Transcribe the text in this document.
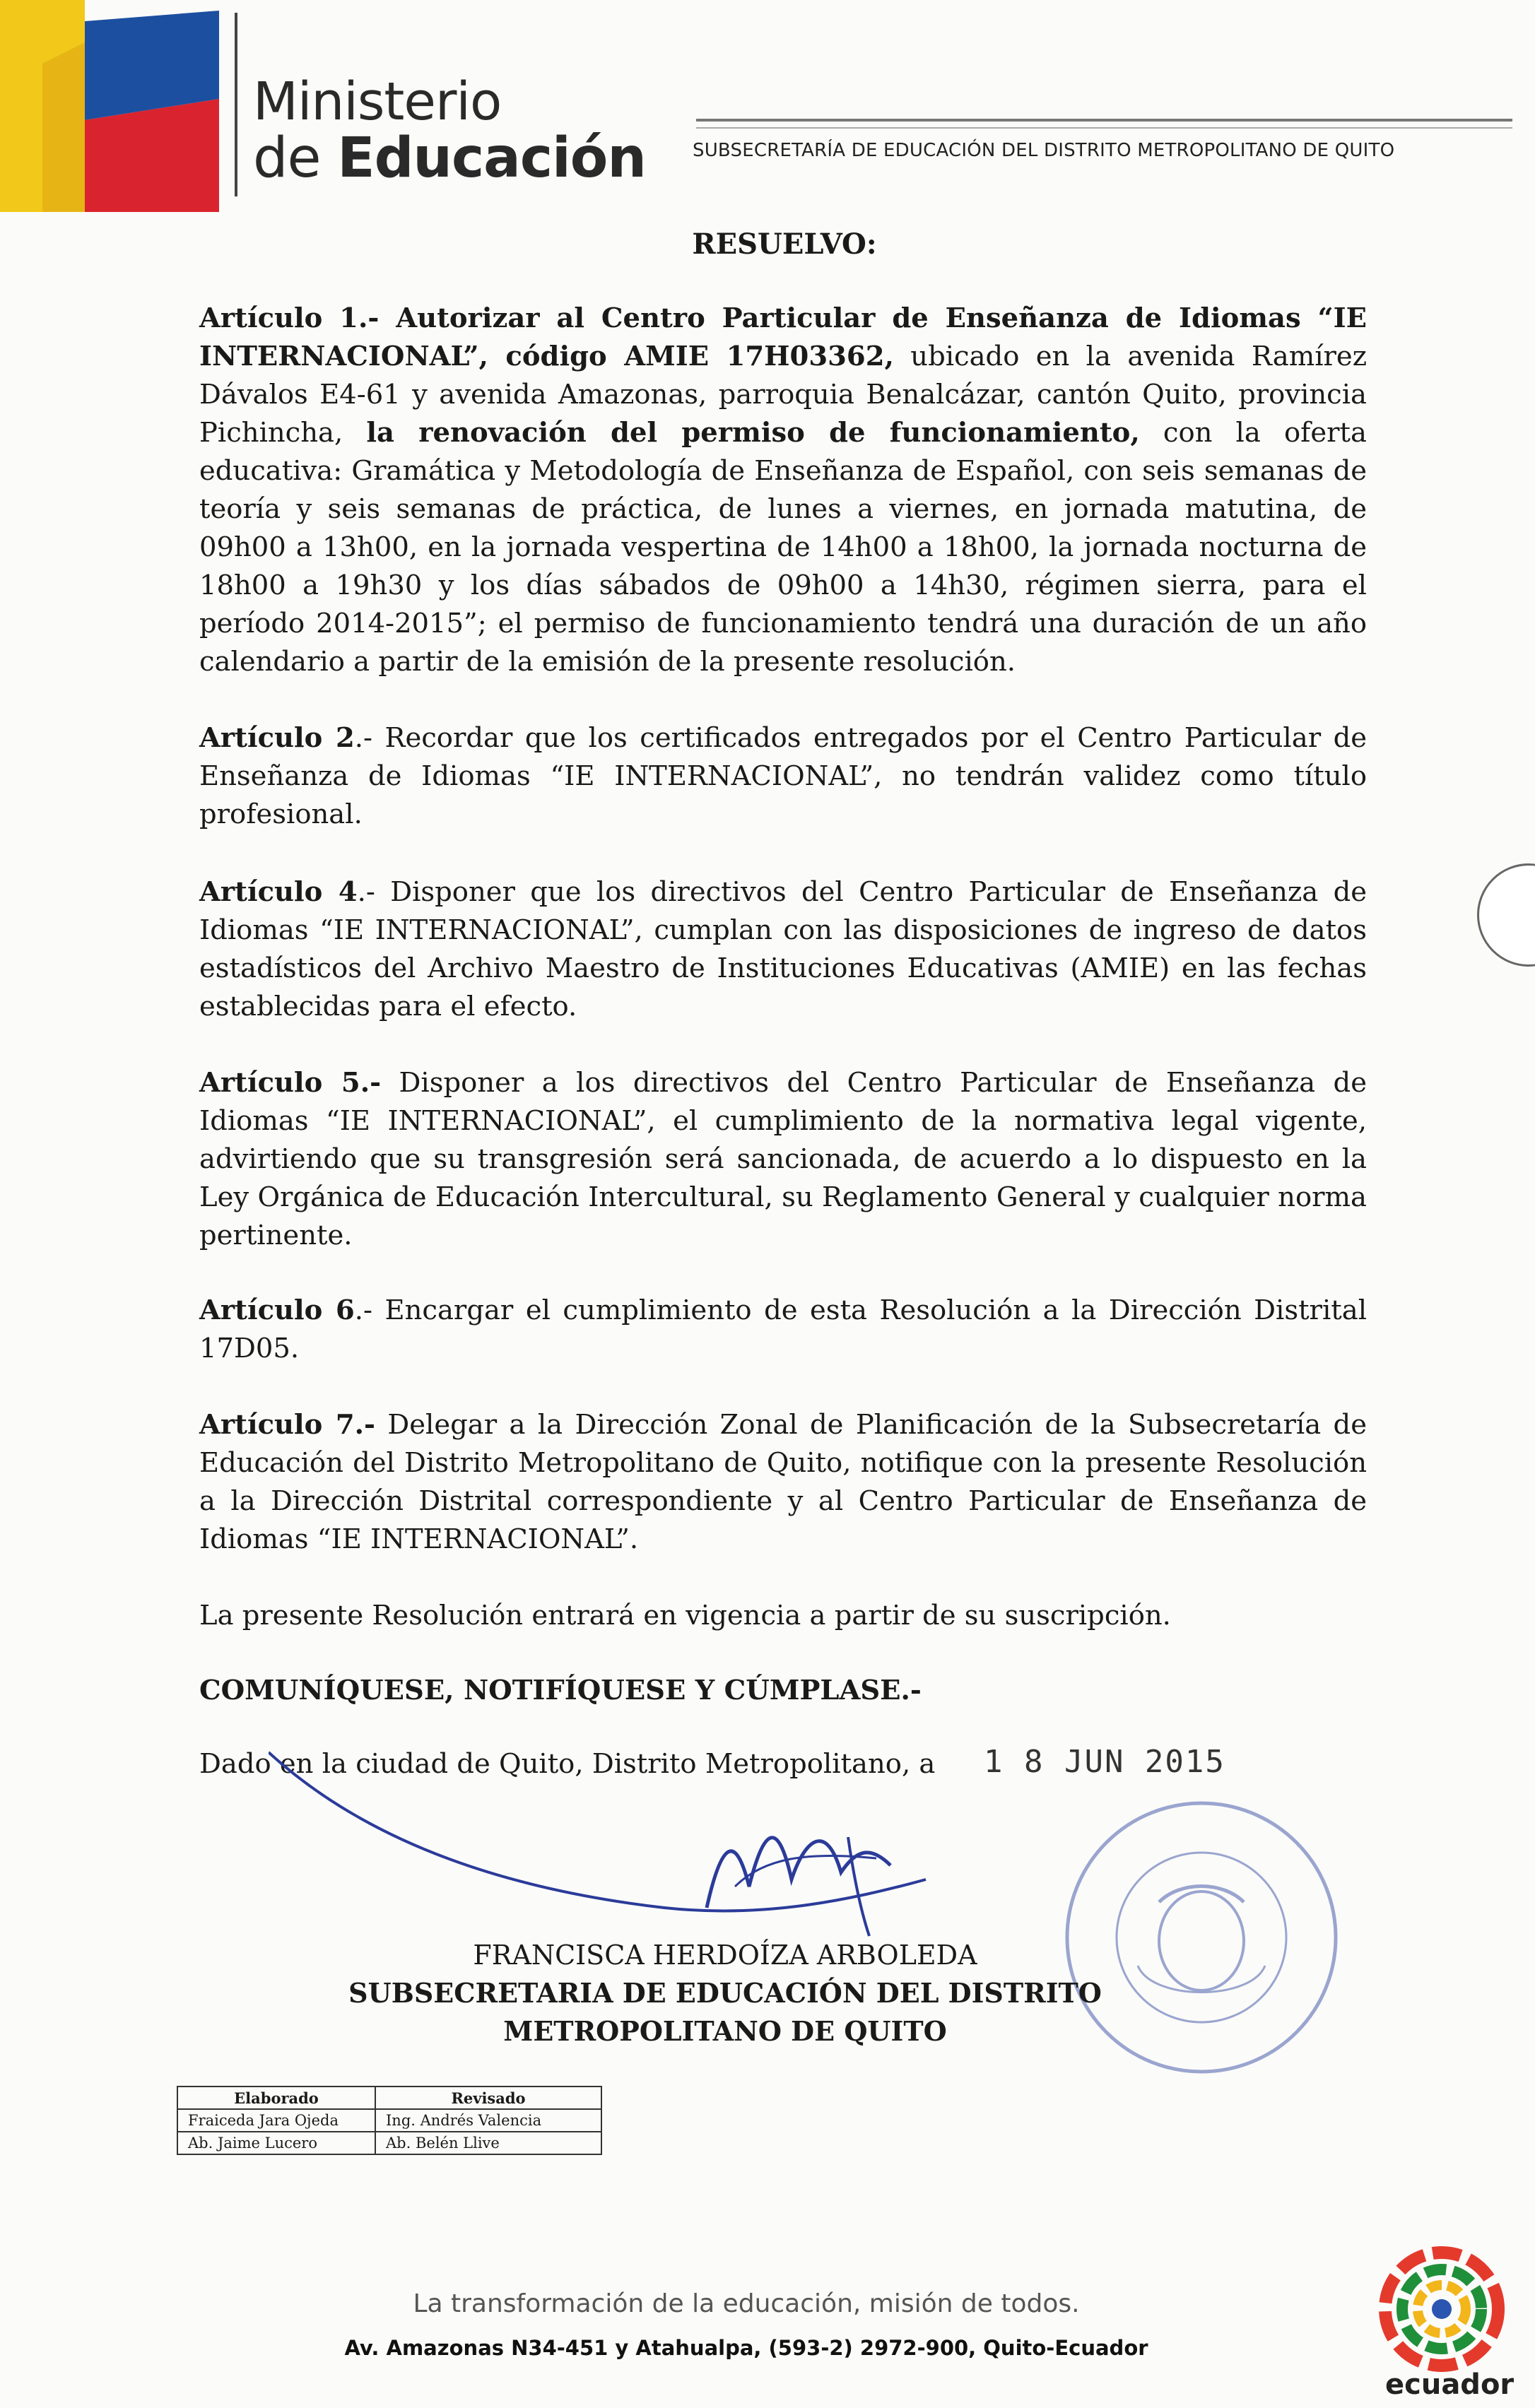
Ministerio
de Educación	SUBSECRETARÍA DE EDUCACIÓN DEL DISTRITO METROPOLITANO DE QUITO
RESUELVO:
Artículo 1.- Autorizar al Centro Particular de Enseñanza de Idiomas “IE INTERNACIONAL”, código AMIE 17H03362, ubicado en la avenida Ramírez Dávalos E4-61 y avenida Amazonas, parroquia Benalcázar, cantón Quito, provincia Pichincha, la renovación del permiso de funcionamiento, con la oferta educativa: Gramática y Metodología de Enseñanza de Español, con seis semanas de teoría y seis semanas de práctica, de lunes a viernes, en jornada matutina, de 09h00 a 13h00, en la jornada vespertina de 14h00 a 18h00, la jornada nocturna de 18h00 a 19h30 y los días sábados de 09h00 a 14h30, régimen sierra, para el período 2014-2015”; el permiso de funcionamiento tendrá una duración de un año calendario a partir de la emisión de la presente resolución.
Artículo 2.- Recordar que los certificados entregados por el Centro Particular de Enseñanza de Idiomas “IE INTERNACIONAL”, no tendrán validez como título profesional.
Artículo 4.- Disponer que los directivos del Centro Particular de Enseñanza de Idiomas “IE INTERNACIONAL”, cumplan con las disposiciones de ingreso de datos estadísticos del Archivo Maestro de Instituciones Educativas (AMIE) en las fechas establecidas para el efecto.
Artículo 5.- Disponer a los directivos del Centro Particular de Enseñanza de Idiomas “IE INTERNACIONAL”, el cumplimiento de la normativa legal vigente, advirtiendo que su transgresión será sancionada, de acuerdo a lo dispuesto en la Ley Orgánica de Educación Intercultural, su Reglamento General y cualquier norma pertinente.
Artículo 6.- Encargar el cumplimiento de esta Resolución a la Dirección Distrital 17D05.
Artículo 7.- Delegar a la Dirección Zonal de Planificación de la Subsecretaría de Educación del Distrito Metropolitano de Quito, notifique con la presente Resolución a la Dirección Distrital correspondiente y al Centro Particular de Enseñanza de Idiomas “IE INTERNACIONAL”.
La presente Resolución entrará en vigencia a partir de su suscripción.
COMUNÍQUESE, NOTIFÍQUESE Y CÚMPLASE.-
Dado en la ciudad de Quito, Distrito Metropolitano, a 1 8 JUN 2015
FRANCISCA HERDOÍZA ARBOLEDA
SUBSECRETARIA DE EDUCACIÓN DEL DISTRITO
METROPOLITANO DE QUITO
Elaborado	Revisado
Fraiceda Jara Ojeda	Ing. Andrés Valencia
Ab. Jaime Lucero	Ab. Belén Llive
La transformación de la educación, misión de todos.
Av. Amazonas N34-451 y Atahualpa, (593-2) 2972-900, Quito-Ecuador
ecuador
